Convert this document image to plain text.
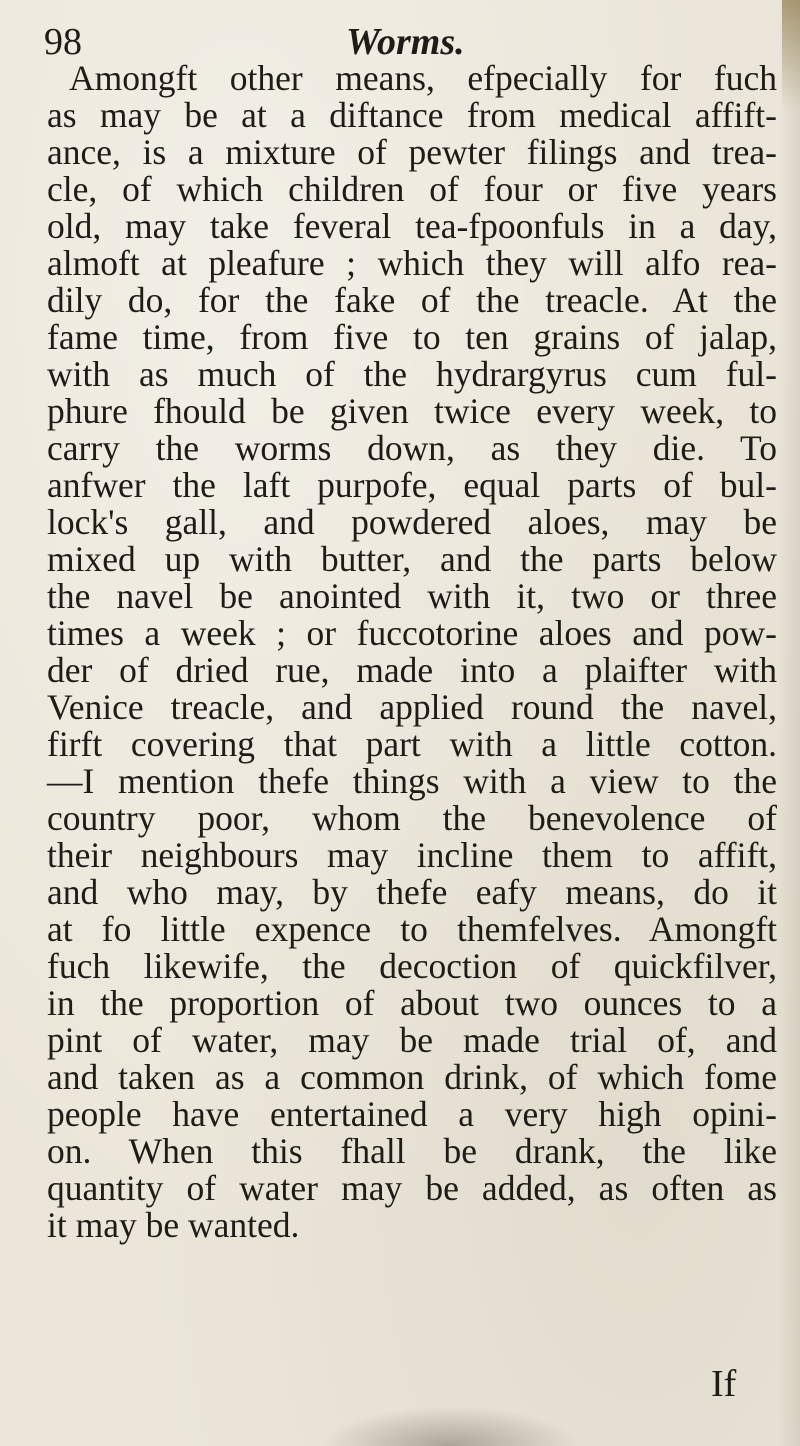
98	Worms.
Amongft other means, efpecially for fuch
as may be at a diftance from medical affift-
ance, is a mixture of pewter filings and trea-
cle, of which children of four or five years
old, may take feveral tea-fpoonfuls in a day,
almoft at pleafure ; which they will alfo rea-
dily do, for the fake of the treacle. At the
fame time, from five to ten grains of jalap,
with as much of the hydrargyrus cum ful-
phure fhould be given twice every week, to
carry the worms down, as they die. To
anfwer the laft purpofe, equal parts of bul-
lock's gall, and powdered aloes, may be
mixed up with butter, and the parts below
the navel be anointed with it, two or three
times a week ; or fuccotorine aloes and pow-
der of dried rue, made into a plaifter with
Venice treacle, and applied round the navel,
firft covering that part with a little cotton.
—I mention thefe things with a view to the
country poor, whom the benevolence of
their neighbours may incline them to affift,
and who may, by thefe eafy means, do it
at fo little expence to themfelves. Amongft
fuch likewife, the decoction of quickfilver,
in the proportion of about two ounces to a
pint of water, may be made trial of, and
and taken as a common drink, of which fome
people have entertained a very high opini-
on. When this fhall be drank, the like
quantity of water may be added, as often as
it may be wanted.
If
